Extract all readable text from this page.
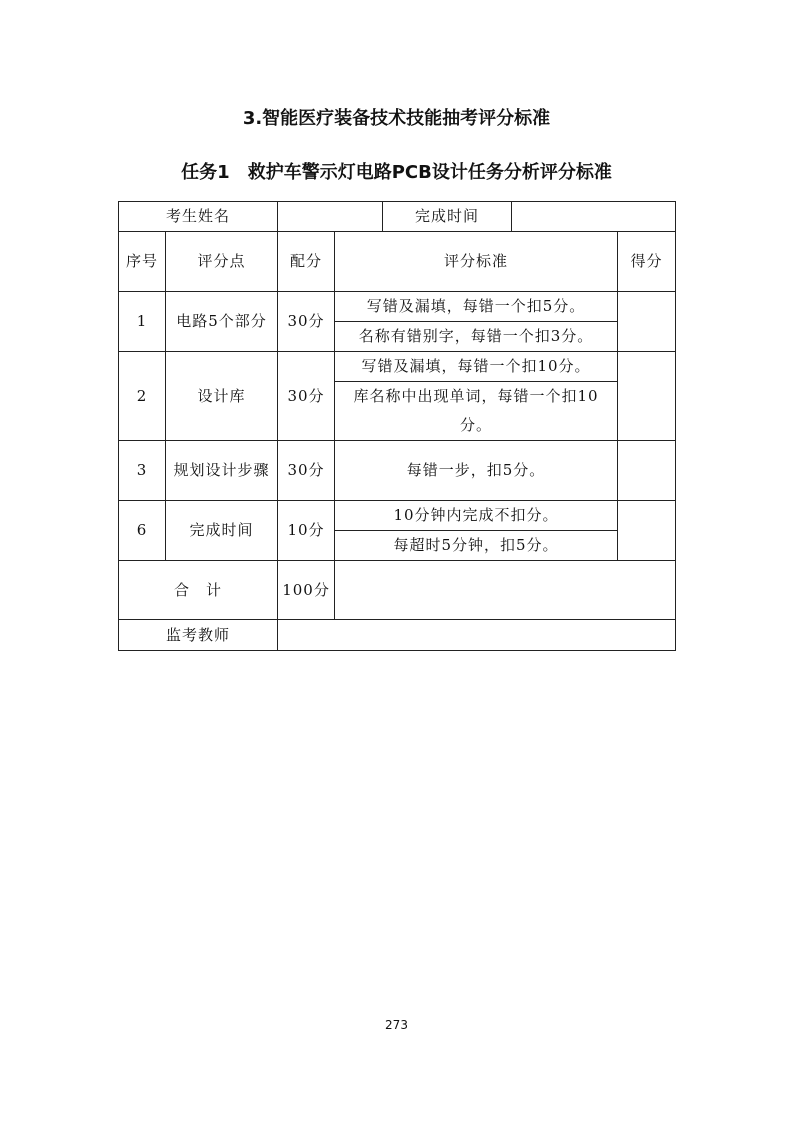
3.智能医疗装备技术技能抽考评分标准
任务1 救护车警示灯电路PCB设计任务分析评分标准
考生姓名				完成时间		
序号	评分点	配分	评分标准			得分
1	电路5个部分	30分	写错及漏填，每错一个扣5分。			
			名称有错别字，每错一个扣3分。			
2	设计库	30分	写错及漏填，每错一个扣10分。			
			库名称中出现单词，每错一个扣10分。			
3	规划设计步骤	30分	每错一步，扣5分。			
6	完成时间	10分	10分钟内完成不扣分。			
			每超时5分钟，扣5分。			
合　计		100分				
监考教师						
273
